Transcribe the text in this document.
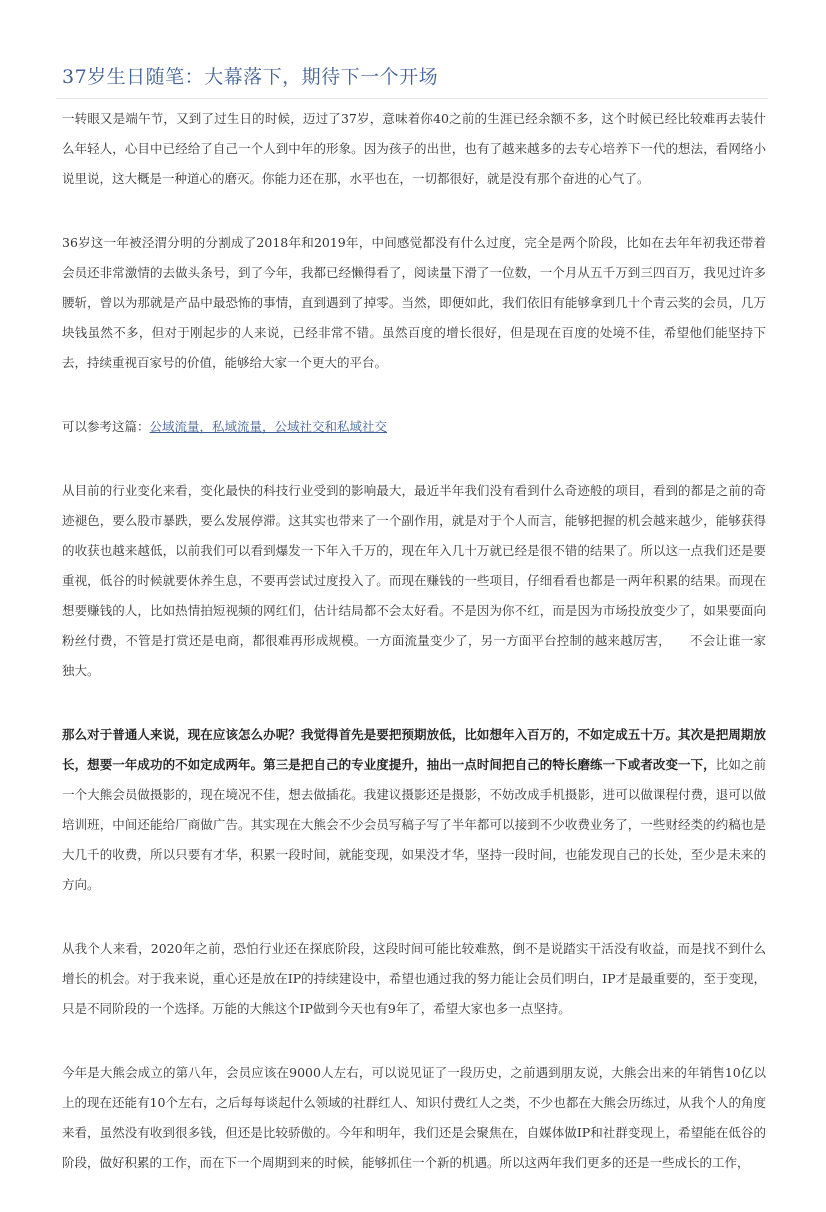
37岁生日随笔：大幕落下，期待下一个开场

一转眼又是端午节，又到了过生日的时候，迈过了37岁，意味着你40之前的生涯已经余额不多，这个时候已经比较难再去装什么年轻人，心目中已经给了自己一个人到中年的形象。因为孩子的出世，也有了越来越多的去专心培养下一代的想法，看网络小说里说，这大概是一种道心的磨灭。你能力还在那，水平也在，一切都很好，就是没有那个奋进的心气了。

36岁这一年被泾渭分明的分割成了2018年和2019年，中间感觉都没有什么过度，完全是两个阶段，比如在去年年初我还带着会员还非常激情的去做头条号，到了今年，我都已经懒得看了，阅读量下滑了一位数，一个月从五千万到三四百万，我见过许多腰斩，曾以为那就是产品中最恐怖的事情，直到遇到了掉零。当然，即便如此，我们依旧有能够拿到几十个青云奖的会员，几万块钱虽然不多，但对于刚起步的人来说，已经非常不错。虽然百度的增长很好，但是现在百度的处境不佳，希望他们能坚持下去，持续重视百家号的价值，能够给大家一个更大的平台。

可以参考这篇：公域流量，私域流量，公域社交和私域社交

从目前的行业变化来看，变化最快的科技行业受到的影响最大，最近半年我们没有看到什么奇迹般的项目，看到的都是之前的奇迹褪色，要么股市暴跌，要么发展停滞。这其实也带来了一个副作用，就是对于个人而言，能够把握的机会越来越少，能够获得的收获也越来越低，以前我们可以看到爆发一下年入千万的，现在年入几十万就已经是很不错的结果了。所以这一点我们还是要重视，低谷的时候就要休养生息，不要再尝试过度投入了。而现在赚钱的一些项目，仔细看看也都是一两年积累的结果。而现在想要赚钱的人，比如热情拍短视频的网红们，估计结局都不会太好看。不是因为你不红，而是因为市场投放变少了，如果要面向粉丝付费，不管是打赏还是电商，都很难再形成规模。一方面流量变少了，另一方面平台控制的越来越厉害，　　不会让谁一家独大。

那么对于普通人来说，现在应该怎么办呢？我觉得首先是要把预期放低，比如想年入百万的，不如定成五十万。其次是把周期放长，想要一年成功的不如定成两年。第三是把自己的专业度提升，抽出一点时间把自己的特长磨练一下或者改变一下，比如之前一个大熊会员做摄影的，现在境况不佳，想去做插花。我建议摄影还是摄影，不妨改成手机摄影，进可以做课程付费，退可以做培训班，中间还能给厂商做广告。其实现在大熊会不少会员写稿子写了半年都可以接到不少收费业务了，一些财经类的约稿也是大几千的收费，所以只要有才华，积累一段时间，就能变现，如果没才华，坚持一段时间，也能发现自己的长处，至少是未来的方向。

从我个人来看，2020年之前，恐怕行业还在探底阶段，这段时间可能比较难熬，倒不是说踏实干活没有收益，而是找不到什么增长的机会。对于我来说，重心还是放在IP的持续建设中，希望也通过我的努力能让会员们明白，IP才是最重要的，至于变现，只是不同阶段的一个选择。万能的大熊这个IP做到今天也有9年了，希望大家也多一点坚持。

今年是大熊会成立的第八年，会员应该在9000人左右，可以说见证了一段历史，之前遇到朋友说，大熊会出来的年销售10亿以上的现在还能有10个左右，之后每每谈起什么领域的社群红人、知识付费红人之类，不少也都在大熊会历练过，从我个人的角度来看，虽然没有收到很多钱，但还是比较骄傲的。今年和明年，我们还是会聚焦在，自媒体做IP和社群变现上，希望能在低谷的阶段，做好积累的工作，而在下一个周期到来的时候，能够抓住一个新的机遇。所以这两年我们更多的还是一些成长的工作，
